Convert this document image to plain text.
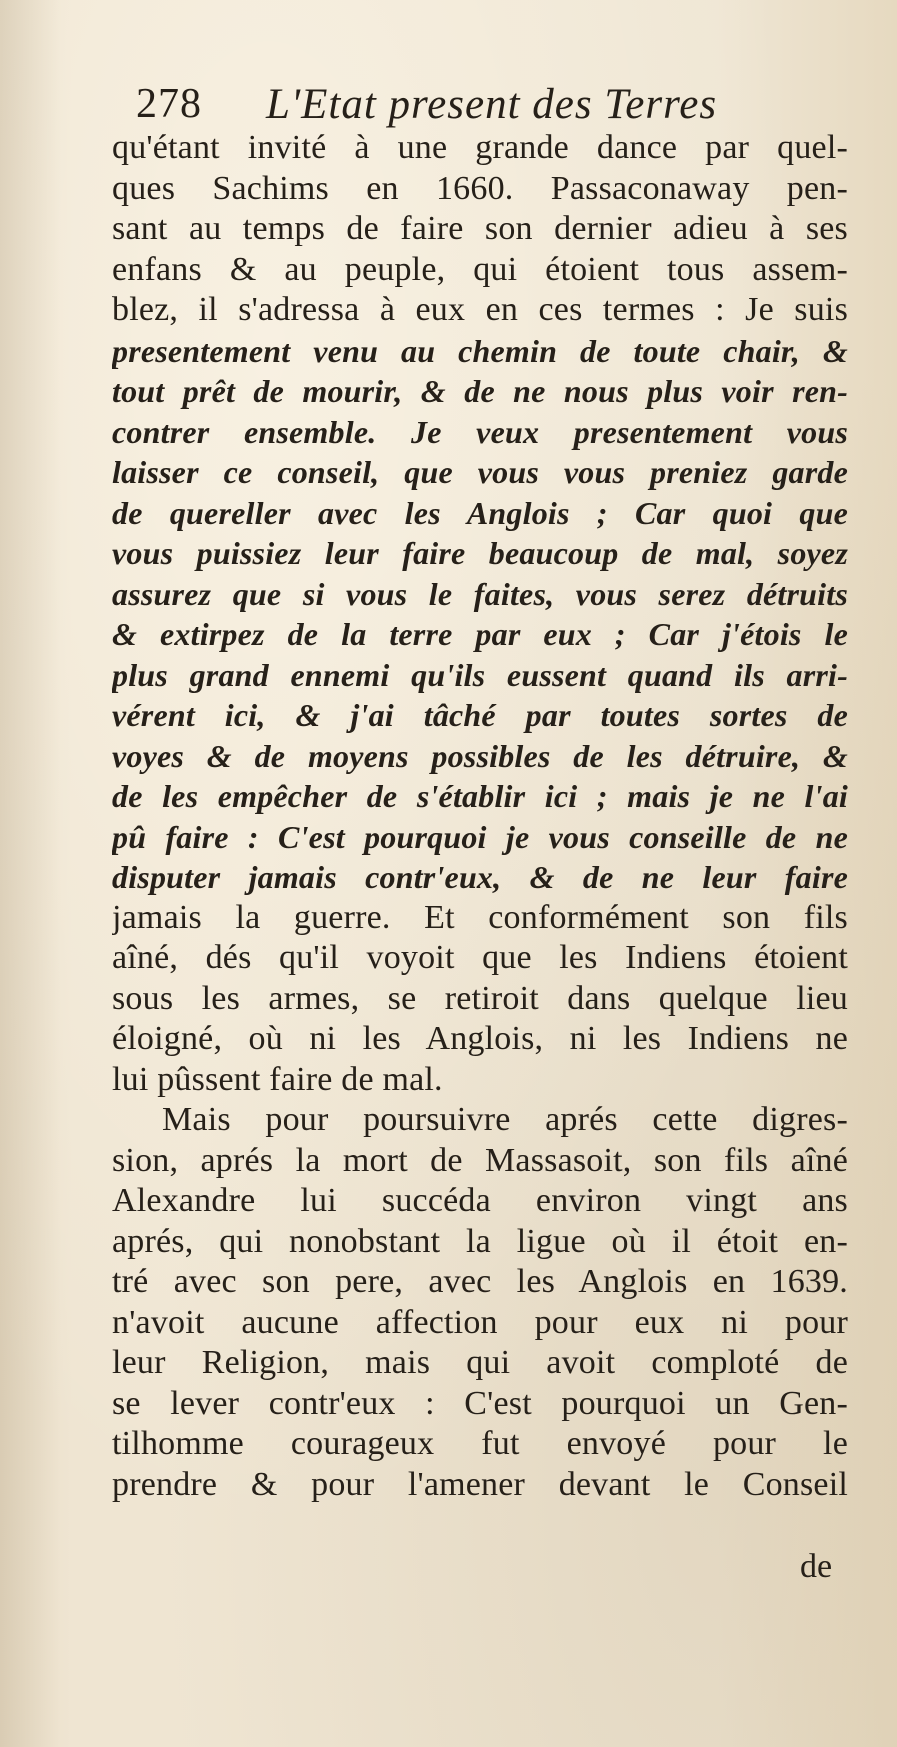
278 L'Etat present des Terres
qu'étant invité à une grande dance par quel-
ques Sachims en 1660. Passaconaway pen-
sant au temps de faire son dernier adieu à ses
enfans & au peuple, qui étoient tous assem-
blez, il s'adressa à eux en ces termes : Je suis
presentement venu au chemin de toute chair, &
tout prêt de mourir, & de ne nous plus voir ren-
contrer ensemble. Je veux presentement vous
laisser ce conseil, que vous vous preniez garde
de quereller avec les Anglois ; Car quoi que
vous puissiez leur faire beaucoup de mal, soyez
assurez que si vous le faites, vous serez détruits
& extirpez de la terre par eux ; Car j'étois le
plus grand ennemi qu'ils eussent quand ils arri-
vérent ici, & j'ai tâché par toutes sortes de
voyes & de moyens possibles de les détruire, &
de les empêcher de s'établir ici ; mais je ne l'ai
pû faire : C'est pourquoi je vous conseille de ne
disputer jamais contr'eux, & de ne leur faire
jamais la guerre. Et conformément son fils
aîné, dés qu'il voyoit que les Indiens étoient
sous les armes, se retiroit dans quelque lieu
éloigné, où ni les Anglois, ni les Indiens ne
lui pûssent faire de mal.
Mais pour poursuivre aprés cette digres-
sion, aprés la mort de Massasoit, son fils aîné
Alexandre lui succéda environ vingt ans
aprés, qui nonobstant la ligue où il étoit en-
tré avec son pere, avec les Anglois en 1639.
n'avoit aucune affection pour eux ni pour
leur Religion, mais qui avoit comploté de
se lever contr'eux : C'est pourquoi un Gen-
tilhomme courageux fut envoyé pour le
prendre & pour l'amener devant le Conseil
de
